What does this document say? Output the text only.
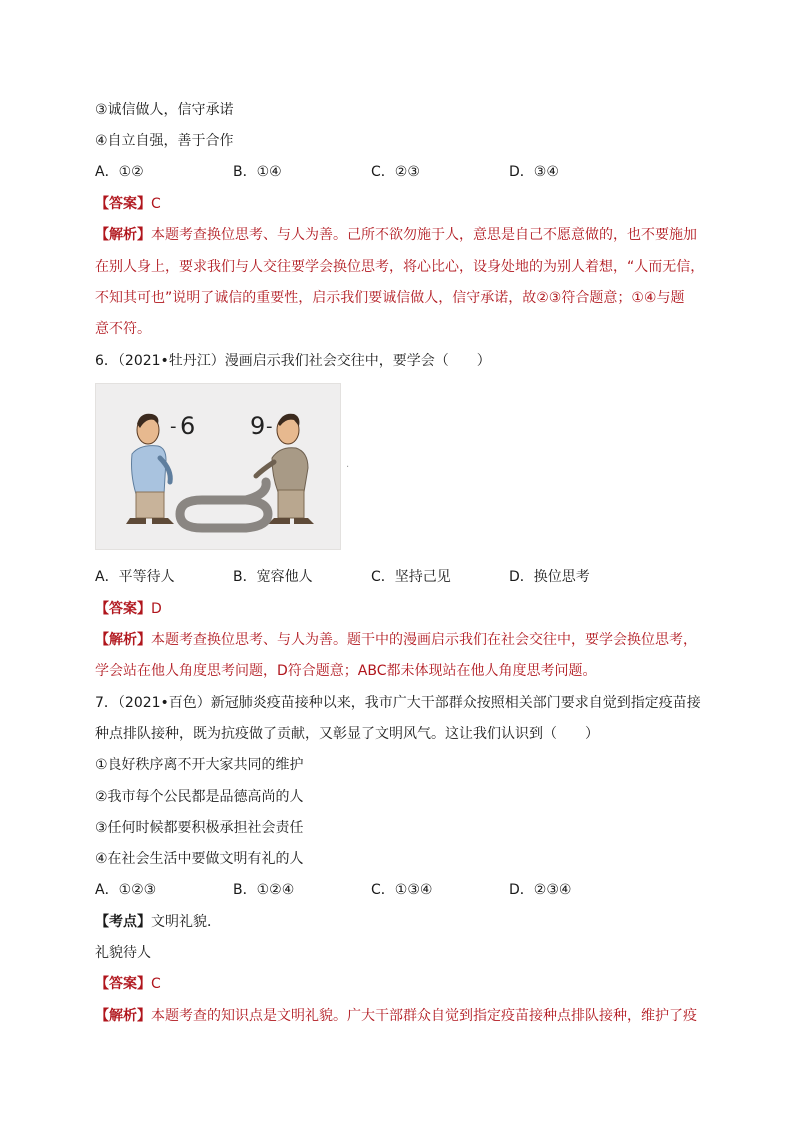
③诚信做人，信守承诺
④自立自强，善于合作
A．①②	B．①④	C．②③	D．③④
【答案】C
【解析】本题考查换位思考、与人为善。己所不欲勿施于人，意思是自己不愿意做的，也不要施加
在别人身上，要求我们与人交往要学会换位思考，将心比心，设身处地的为别人着想，“人而无信，
不知其可也”说明了诚信的重要性，启示我们要诚信做人，信守承诺，故②③符合题意；①④与题
意不符。
6．（2021•牡丹江）漫画启示我们社会交往中，要学会（　　）
- 6 9 -
·
A．平等待人	B．宽容他人	C．坚持己见	D．换位思考
【答案】D
【解析】本题考查换位思考、与人为善。题干中的漫画启示我们在社会交往中，要学会换位思考，
学会站在他人角度思考问题，D符合题意；ABC都未体现站在他人角度思考问题。
7．（2021•百色）新冠肺炎疫苗接种以来，我市广大干部群众按照相关部门要求自觉到指定疫苗接
种点排队接种，既为抗疫做了贡献，又彰显了文明风气。这让我们认识到（　　）
①良好秩序离不开大家共同的维护
②我市每个公民都是品德高尚的人
③任何时候都要积极承担社会责任
④在社会生活中要做文明有礼的人
A．①②③	B．①②④	C．①③④	D．②③④
【考点】文明礼貌．
礼貌待人
【答案】C
【解析】本题考查的知识点是文明礼貌。广大干部群众自觉到指定疫苗接种点排队接种，维护了疫
